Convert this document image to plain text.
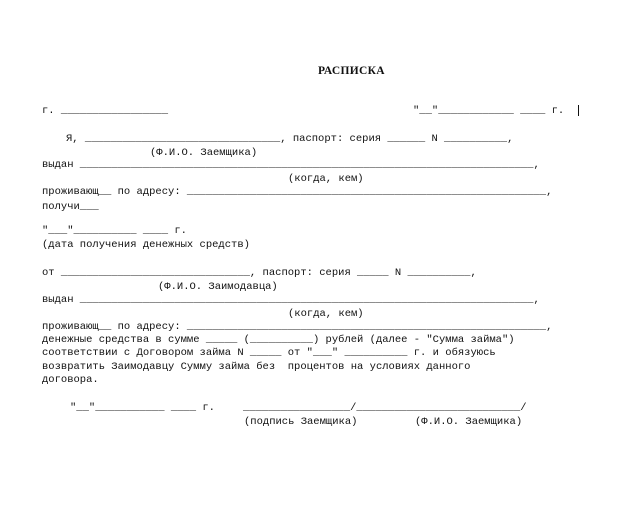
РАСПИСКА
г. _________________	"__"____________ ____ г.
Я, _______________________________, паспорт: серия ______ N __________,
(Ф.И.О. Заемщика)
выдан ________________________________________________________________________,
(когда, кем)
проживающ__ по адресу: _________________________________________________________,
получи___
"___"__________ ____ г.
(дата получения денежных средств)
от ______________________________, паспорт: серия _____ N __________,
(Ф.И.О. Заимодавца)
выдан ________________________________________________________________________,
(когда, кем)
проживающ__ по адресу: _________________________________________________________,
денежные средства в сумме _____ (__________) рублей (далее - "Сумма займа")
соответствии с Договором займа N _____ от "___" __________ г. и обязуюсь
возвратить Заимодавцу Сумму займа без  процентов на условиях данного
договора.
"__"___________ ____ г.	_________________/__________________________/
(подпись Заемщика)	(Ф.И.О. Заемщика)
